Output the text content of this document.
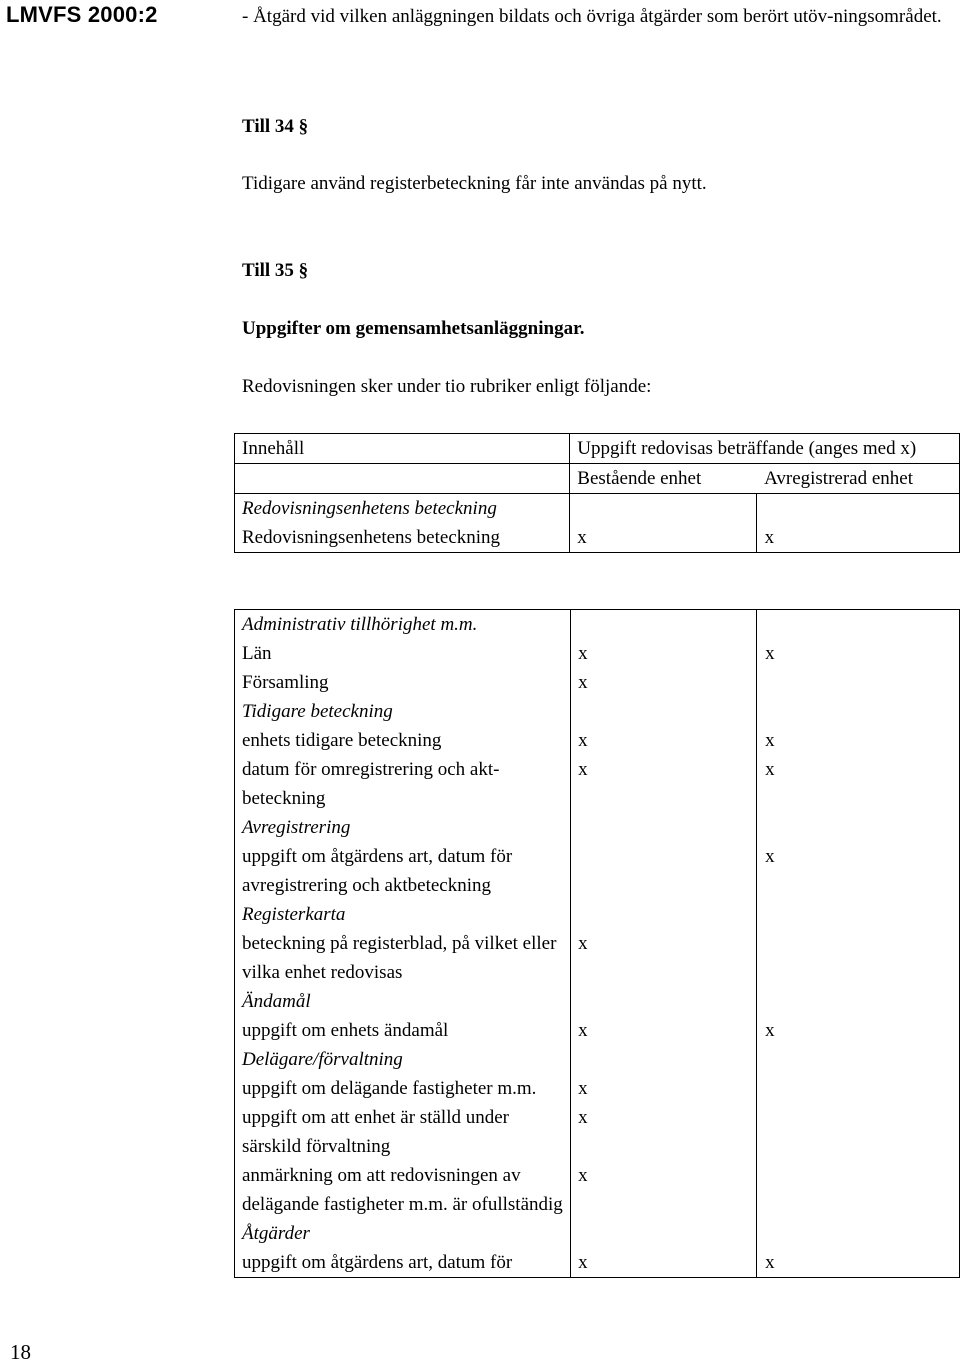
LMVFS 2000:2
18
- Åtgärd vid vilken anläggningen bildats och övriga åtgärder som berört utöv-ningsområdet.
Till 34 §
Tidigare använd registerbeteckning får inte användas på nytt.
Till 35 §
Uppgifter om gemensamhetsanläggningar.
Redovisningen sker under tio rubriker enligt följande:
Innehåll	Uppgift redovisas beträffande (anges med x)	

	Bestående enhet	Avregistrerad enhet
Redovisningsenhetens beteckning		
Redovisningsenhetens beteckning	x	x
Administrativ tillhörighet m.m.		
Län	x	x
Församling	x	
Tidigare beteckning		
enhets tidigare beteckning	x	x
datum för omregistrering och akt-beteckning	x	x
Avregistrering		
uppgift om åtgärdens art, datum för avregistrering och aktbeteckning		x
Registerkarta		
beteckning på registerblad, på vilket eller vilka enhet redovisas	x	
Ändamål		
uppgift om enhets ändamål	x	x
Delägare/förvaltning		
uppgift om delägande fastigheter m.m.	x	
uppgift om att enhet är ställd under särskild förvaltning	x	
anmärkning om att redovisningen av delägande fastigheter m.m. är ofullständig	x	
Åtgärder		
uppgift om åtgärdens art, datum för	x	x
